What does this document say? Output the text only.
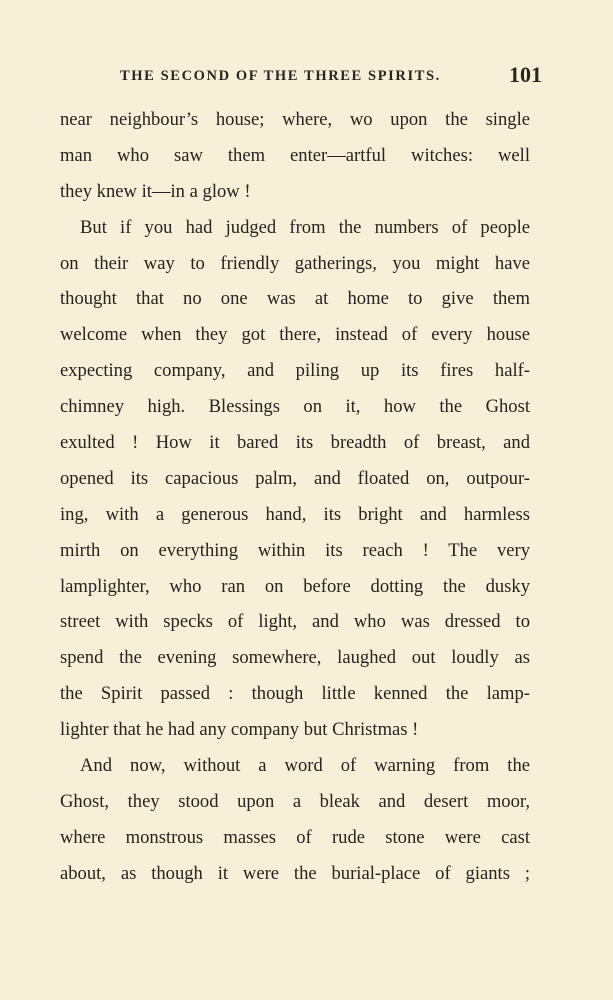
THE SECOND OF THE THREE SPIRITS.	101
near neighbour’s house; where, wo upon the single
man who saw them enter—artful witches: well
they knew it—in a glow !
But if you had judged from the numbers of people
on their way to friendly gatherings, you might have
thought that no one was at home to give them
welcome when they got there, instead of every house
expecting company, and piling up its fires half-
chimney high. Blessings on it, how the Ghost
exulted ! How it bared its breadth of breast, and
opened its capacious palm, and floated on, outpour-
ing, with a generous hand, its bright and harmless
mirth on everything within its reach ! The very
lamplighter, who ran on before dotting the dusky
street with specks of light, and who was dressed to
spend the evening somewhere, laughed out loudly as
the Spirit passed : though little kenned the lamp-
lighter that he had any company but Christmas !
And now, without a word of warning from the
Ghost, they stood upon a bleak and desert moor,
where monstrous masses of rude stone were cast
about, as though it were the burial-place of giants ;
